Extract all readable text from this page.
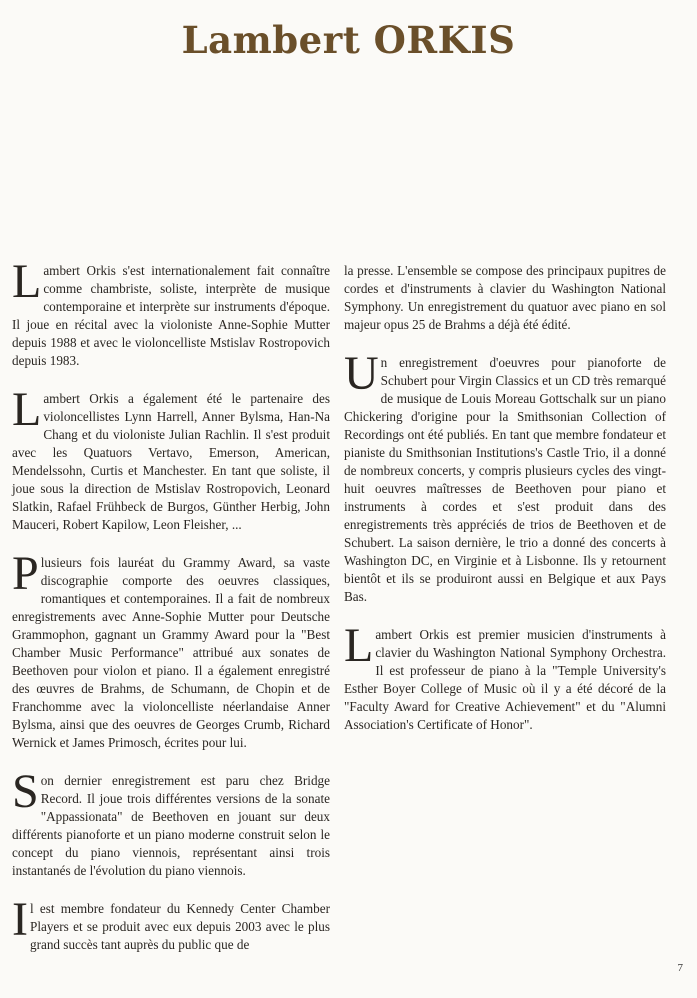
Lambert ORKIS

Lambert Orkis s'est internationalement fait connaître comme chambriste, soliste, interprète de musique contemporaine et interprète sur instruments d'époque. Il joue en récital avec la violoniste Anne-Sophie Mutter depuis 1988 et avec le violoncelliste Mstislav Rostropovich depuis 1983.

Lambert Orkis a également été le partenaire des violoncellistes Lynn Harrell, Anner Bylsma, Han-Na Chang et du violoniste Julian Rachlin. Il s'est produit avec les Quatuors Vertavo, Emerson, American, Mendelssohn, Curtis et Manchester. En tant que soliste, il joue sous la direction de Mstislav Rostropovich, Leonard Slatkin, Rafael Frühbeck de Burgos, Günther Herbig, John Mauceri, Robert Kapilow, Leon Fleisher, ...

Plusieurs fois lauréat du Grammy Award, sa vaste discographie comporte des oeuvres classiques, romantiques et contemporaines. Il a fait de nombreux enregistrements avec Anne-Sophie Mutter pour Deutsche Grammophon, gagnant un Grammy Award pour la "Best Chamber Music Performance" attribué aux sonates de Beethoven pour violon et piano. Il a également enregistré des œuvres de Brahms, de Schumann, de Chopin et de Franchomme avec la violoncelliste néerlandaise Anner Bylsma, ainsi que des oeuvres de Georges Crumb, Richard Wernick et James Primosch, écrites pour lui.

Son dernier enregistrement est paru chez Bridge Record. Il joue trois différentes versions de la sonate "Appassionata" de Beethoven en jouant sur deux différents pianoforte et un piano moderne construit selon le concept du piano viennois, représentant ainsi trois instantanés de l'évolution du piano viennois.

Il est membre fondateur du Kennedy Center Chamber Players et se produit avec eux depuis 2003 avec le plus grand succès tant auprès du public que de

la presse. L'ensemble se compose des principaux pupitres de cordes et d'instruments à clavier du Washington National Symphony. Un enregistrement du quatuor avec piano en sol majeur opus 25 de Brahms a déjà été édité.

Un enregistrement d'oeuvres pour pianoforte de Schubert pour Virgin Classics et un CD très remarqué de musique de Louis Moreau Gottschalk sur un piano Chickering d'origine pour la Smithsonian Collection of Recordings ont été publiés. En tant que membre fondateur et pianiste du Smithsonian Institutions's Castle Trio, il a donné de nombreux concerts, y compris plusieurs cycles des vingt-huit oeuvres maîtresses de Beethoven pour piano et instruments à cordes et s'est produit dans des enregistrements très appréciés de trios de Beethoven et de Schubert. La saison dernière, le trio a donné des concerts à Washington DC, en Virginie et à Lisbonne. Ils y retournent bientôt et ils se produiront aussi en Belgique et aux Pays Bas.

Lambert Orkis est premier musicien d'instruments à clavier du Washington National Symphony Orchestra. Il est professeur de piano à la "Temple University's Esther Boyer College of Music où il y a été décoré de la "Faculty Award for Creative Achievement" et du "Alumni Association's Certificate of Honor".

7
